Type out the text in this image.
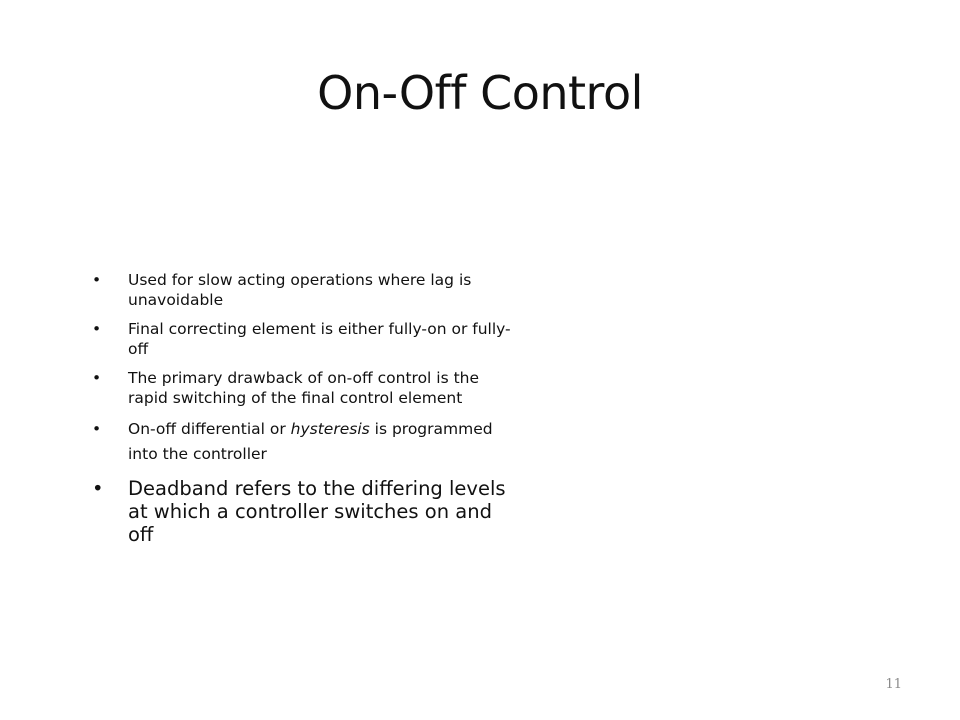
On-Off Control
• Used for slow acting operations where lag is unavoidable
• Final correcting element is either fully-on or fully-off
• The primary drawback of on-off control is the rapid switching of the final control element
• On-off differential or hysteresis is programmed into the controller
• Deadband refers to the differing levels at which a controller switches on and off
11
